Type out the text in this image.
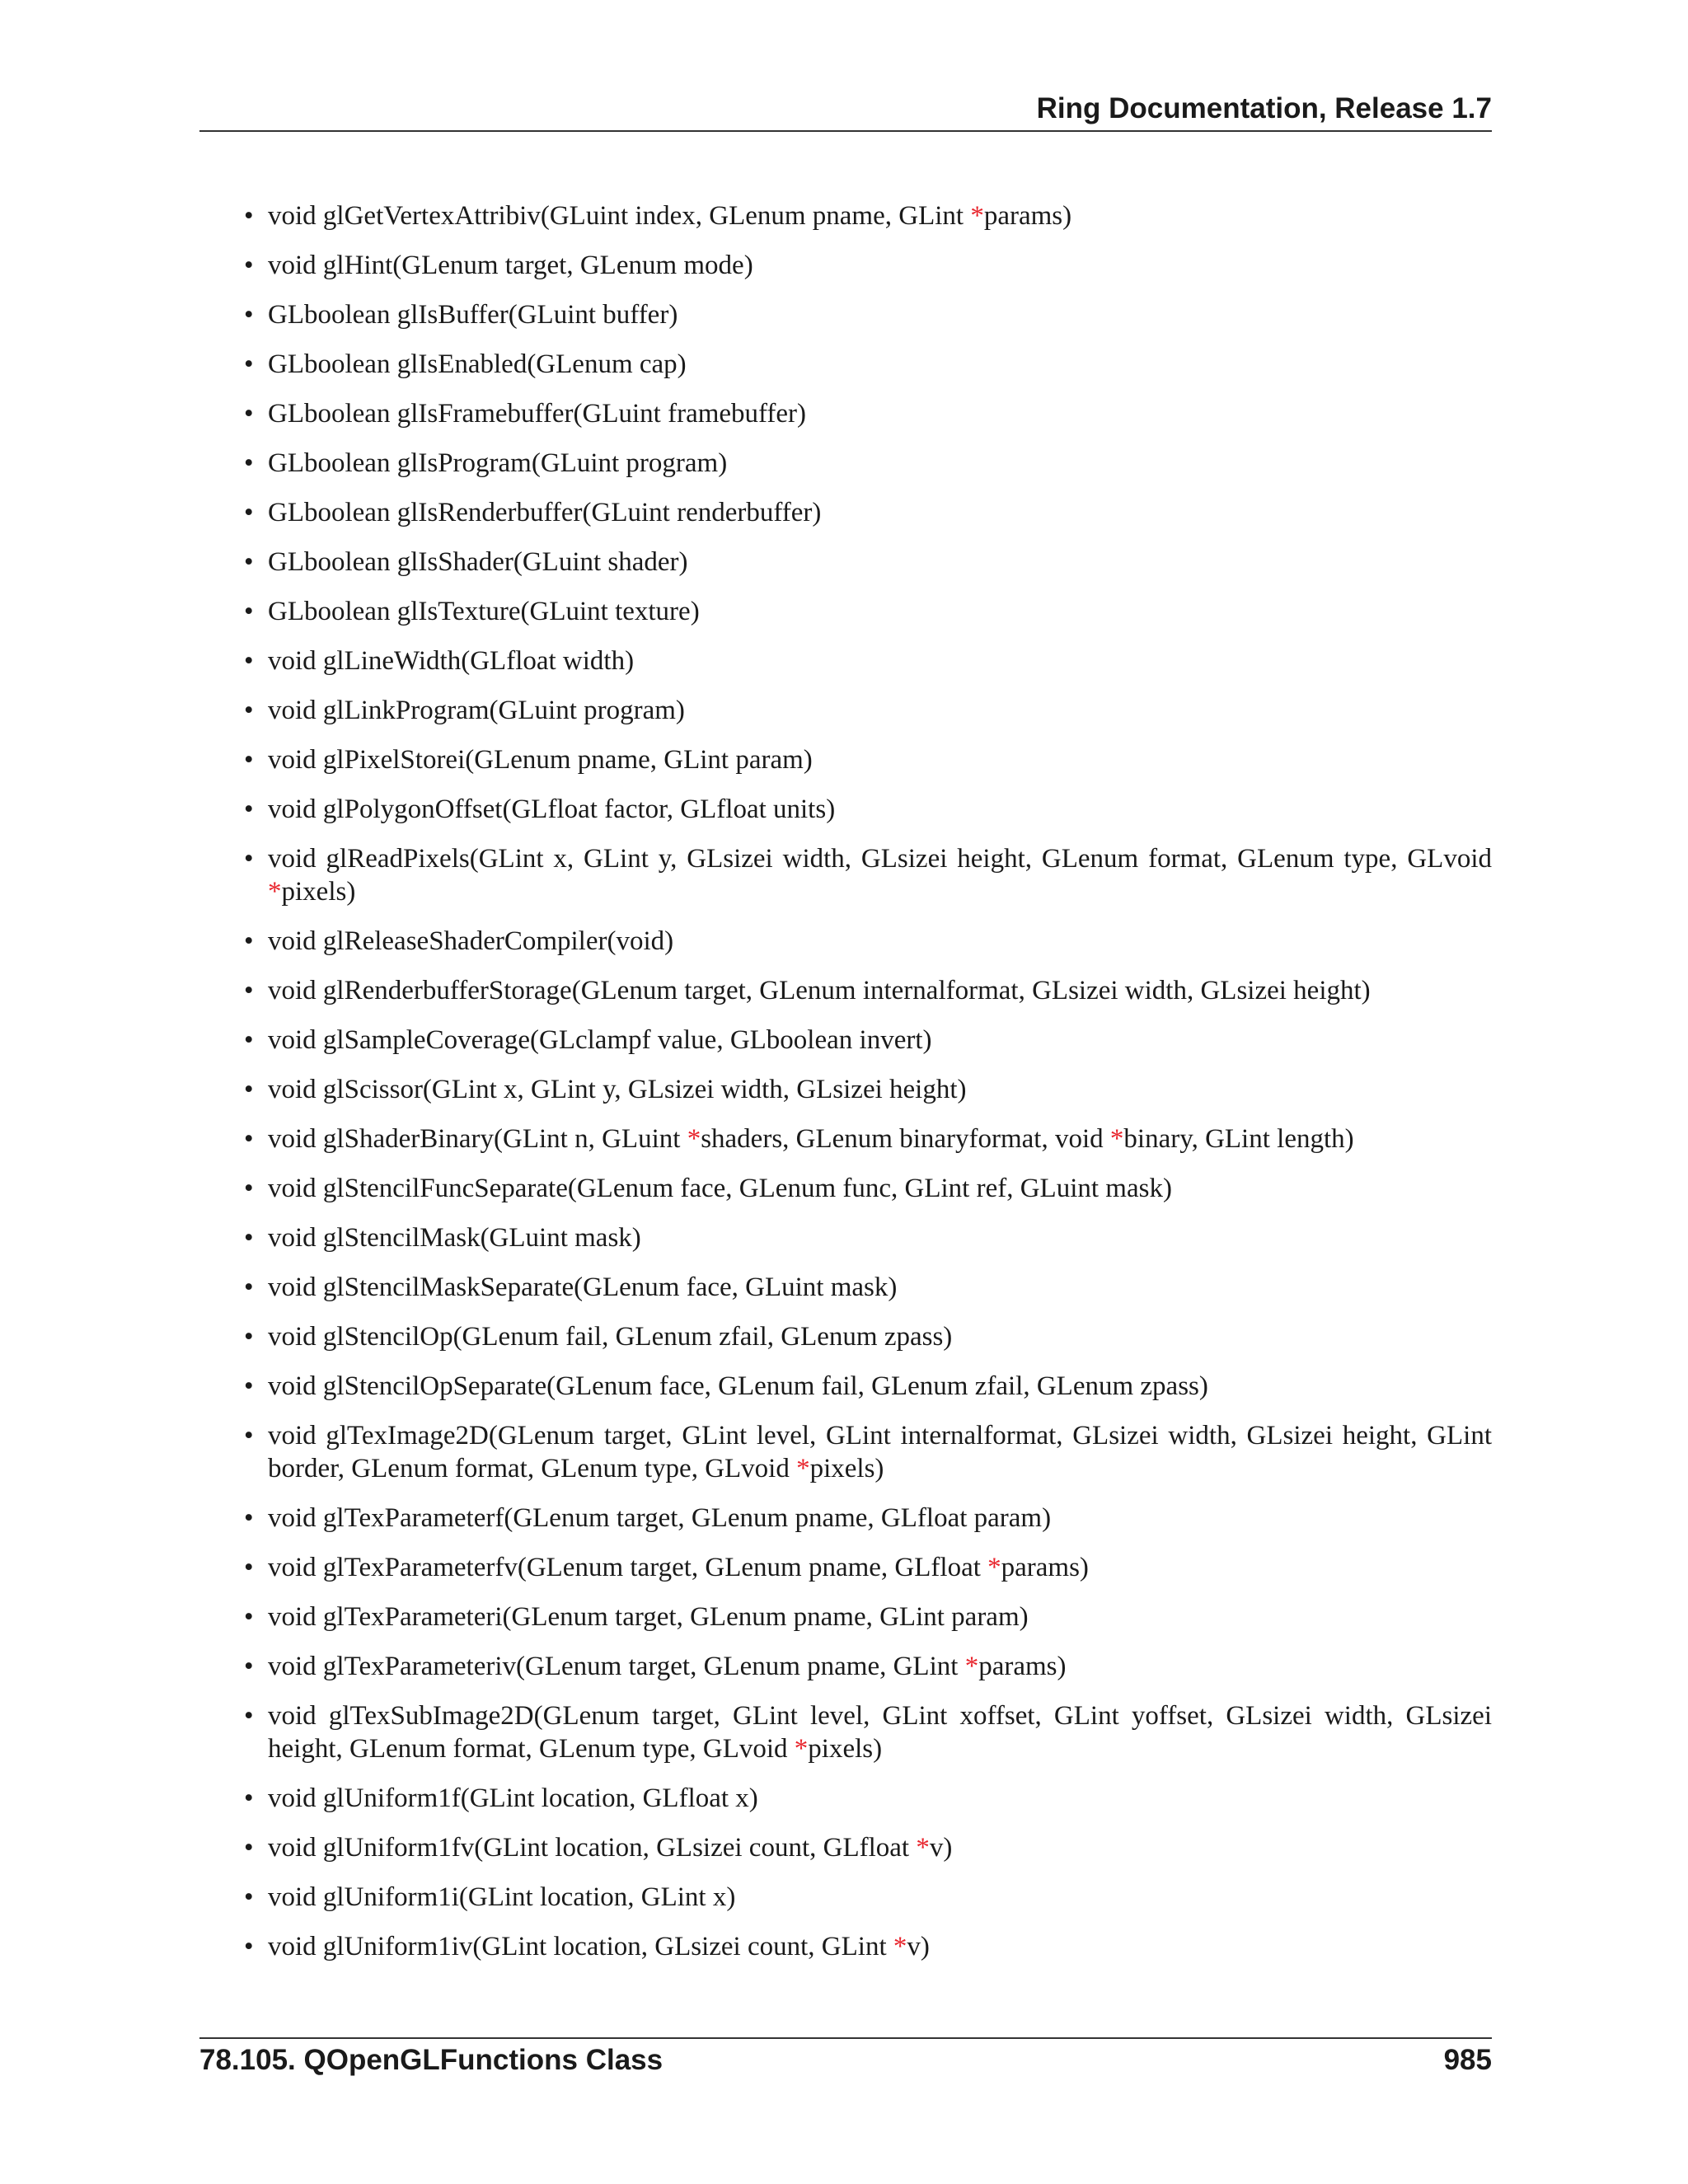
Ring Documentation, Release 1.7
• void glGetVertexAttribiv(GLuint index, GLenum pname, GLint *params)
• void glHint(GLenum target, GLenum mode)
• GLboolean glIsBuffer(GLuint buffer)
• GLboolean glIsEnabled(GLenum cap)
• GLboolean glIsFramebuffer(GLuint framebuffer)
• GLboolean glIsProgram(GLuint program)
• GLboolean glIsRenderbuffer(GLuint renderbuffer)
• GLboolean glIsShader(GLuint shader)
• GLboolean glIsTexture(GLuint texture)
• void glLineWidth(GLfloat width)
• void glLinkProgram(GLuint program)
• void glPixelStorei(GLenum pname, GLint param)
• void glPolygonOffset(GLfloat factor, GLfloat units)
• void glReadPixels(GLint x, GLint y, GLsizei width, GLsizei height, GLenum format, GLenum type, GLvoid *pixels)
• void glReleaseShaderCompiler(void)
• void glRenderbufferStorage(GLenum target, GLenum internalformat, GLsizei width, GLsizei height)
• void glSampleCoverage(GLclampf value, GLboolean invert)
• void glScissor(GLint x, GLint y, GLsizei width, GLsizei height)
• void glShaderBinary(GLint n, GLuint *shaders, GLenum binaryformat, void *binary, GLint length)
• void glStencilFuncSeparate(GLenum face, GLenum func, GLint ref, GLuint mask)
• void glStencilMask(GLuint mask)
• void glStencilMaskSeparate(GLenum face, GLuint mask)
• void glStencilOp(GLenum fail, GLenum zfail, GLenum zpass)
• void glStencilOpSeparate(GLenum face, GLenum fail, GLenum zfail, GLenum zpass)
• void glTexImage2D(GLenum target, GLint level, GLint internalformat, GLsizei width, GLsizei height, GLint border, GLenum format, GLenum type, GLvoid *pixels)
• void glTexParameterf(GLenum target, GLenum pname, GLfloat param)
• void glTexParameterfv(GLenum target, GLenum pname, GLfloat *params)
• void glTexParameteri(GLenum target, GLenum pname, GLint param)
• void glTexParameteriv(GLenum target, GLenum pname, GLint *params)
• void glTexSubImage2D(GLenum target, GLint level, GLint xoffset, GLint yoffset, GLsizei width, GLsizei height, GLenum format, GLenum type, GLvoid *pixels)
• void glUniform1f(GLint location, GLfloat x)
• void glUniform1fv(GLint location, GLsizei count, GLfloat *v)
• void glUniform1i(GLint location, GLint x)
• void glUniform1iv(GLint location, GLsizei count, GLint *v)
78.105. QOpenGLFunctions Class	985
